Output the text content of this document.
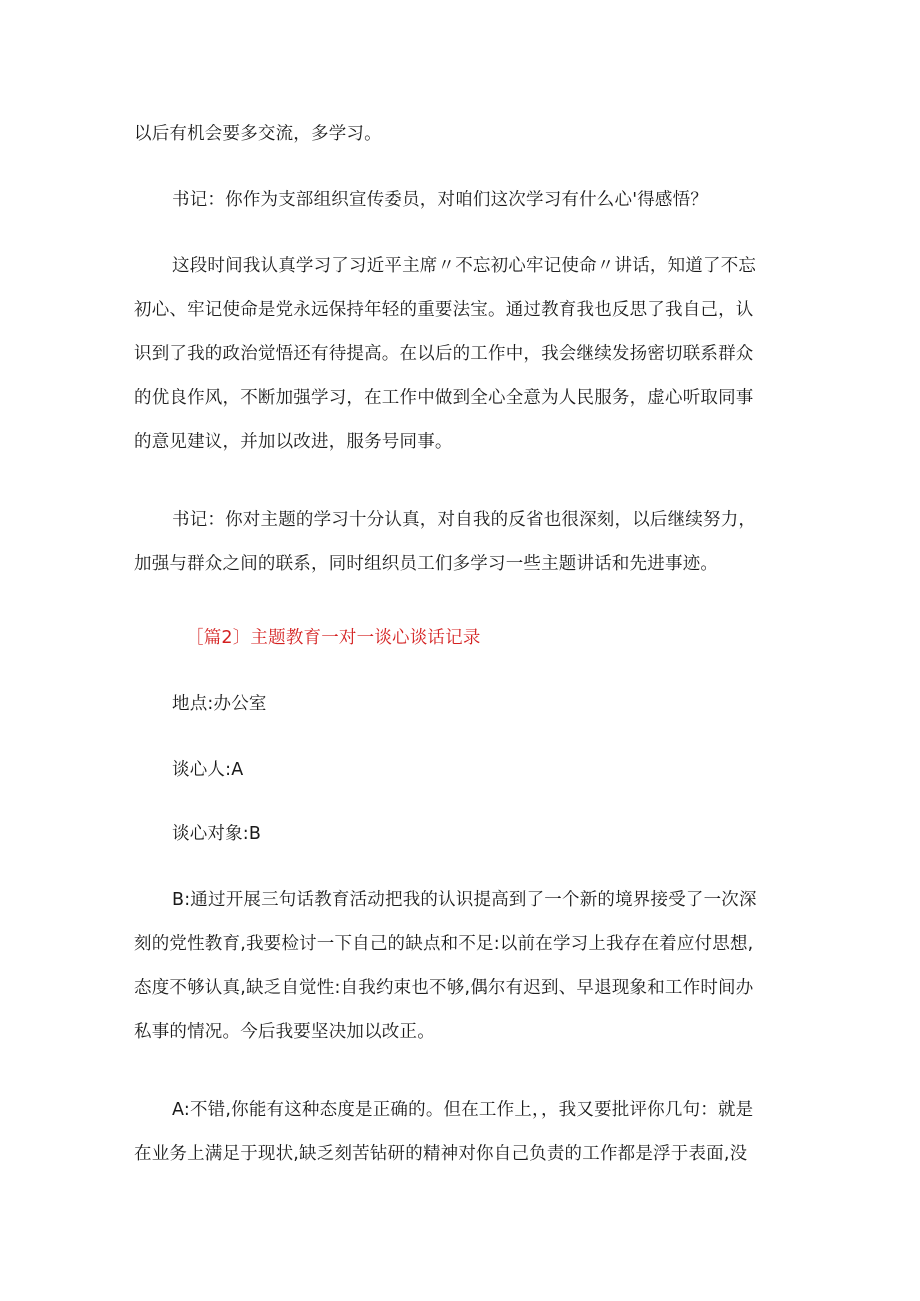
以后有机会要多交流，多学习。

书记：你作为支部组织宣传委员，对咱们这次学习有什么心'得感悟？

这段时间我认真学习了习近平主席〃不忘初心牢记使命〃讲话，知道了不忘
初心、牢记使命是党永远保持年轻的重要法宝。通过教育我也反思了我自己，认
识到了我的政治觉悟还有待提高。在以后的工作中，我会继续发扬密切联系群众
的优良作风，不断加强学习，在工作中做到全心全意为人民服务，虚心听取同事
的意见建议，并加以改进，服务号同事。

书记：你对主题的学习十分认真，对自我的反省也很深刻，以后继续努力，
加强与群众之间的联系，同时组织员工们多学习一些主题讲话和先进事迹。

［篇2〕主题教育一对一谈心谈话记录

地点:办公室

谈心人:A

谈心对象:B

B:通过开展三句话教育活动把我的认识提高到了一个新的境界接受了一次深
刻的党性教育,我要检讨一下自己的缺点和不足:以前在学习上我存在着应付思想,
态度不够认真,缺乏自觉性:自我约束也不够,偶尔有迟到、早退现象和工作时间办
私事的情况。今后我要坚决加以改正。

A:不错,你能有这种态度是正确的。但在工作上，，我又要批评你几句：就是
在业务上满足于现状,缺乏刻苦钻研的精神对你自己负责的工作都是浮于表面,没
